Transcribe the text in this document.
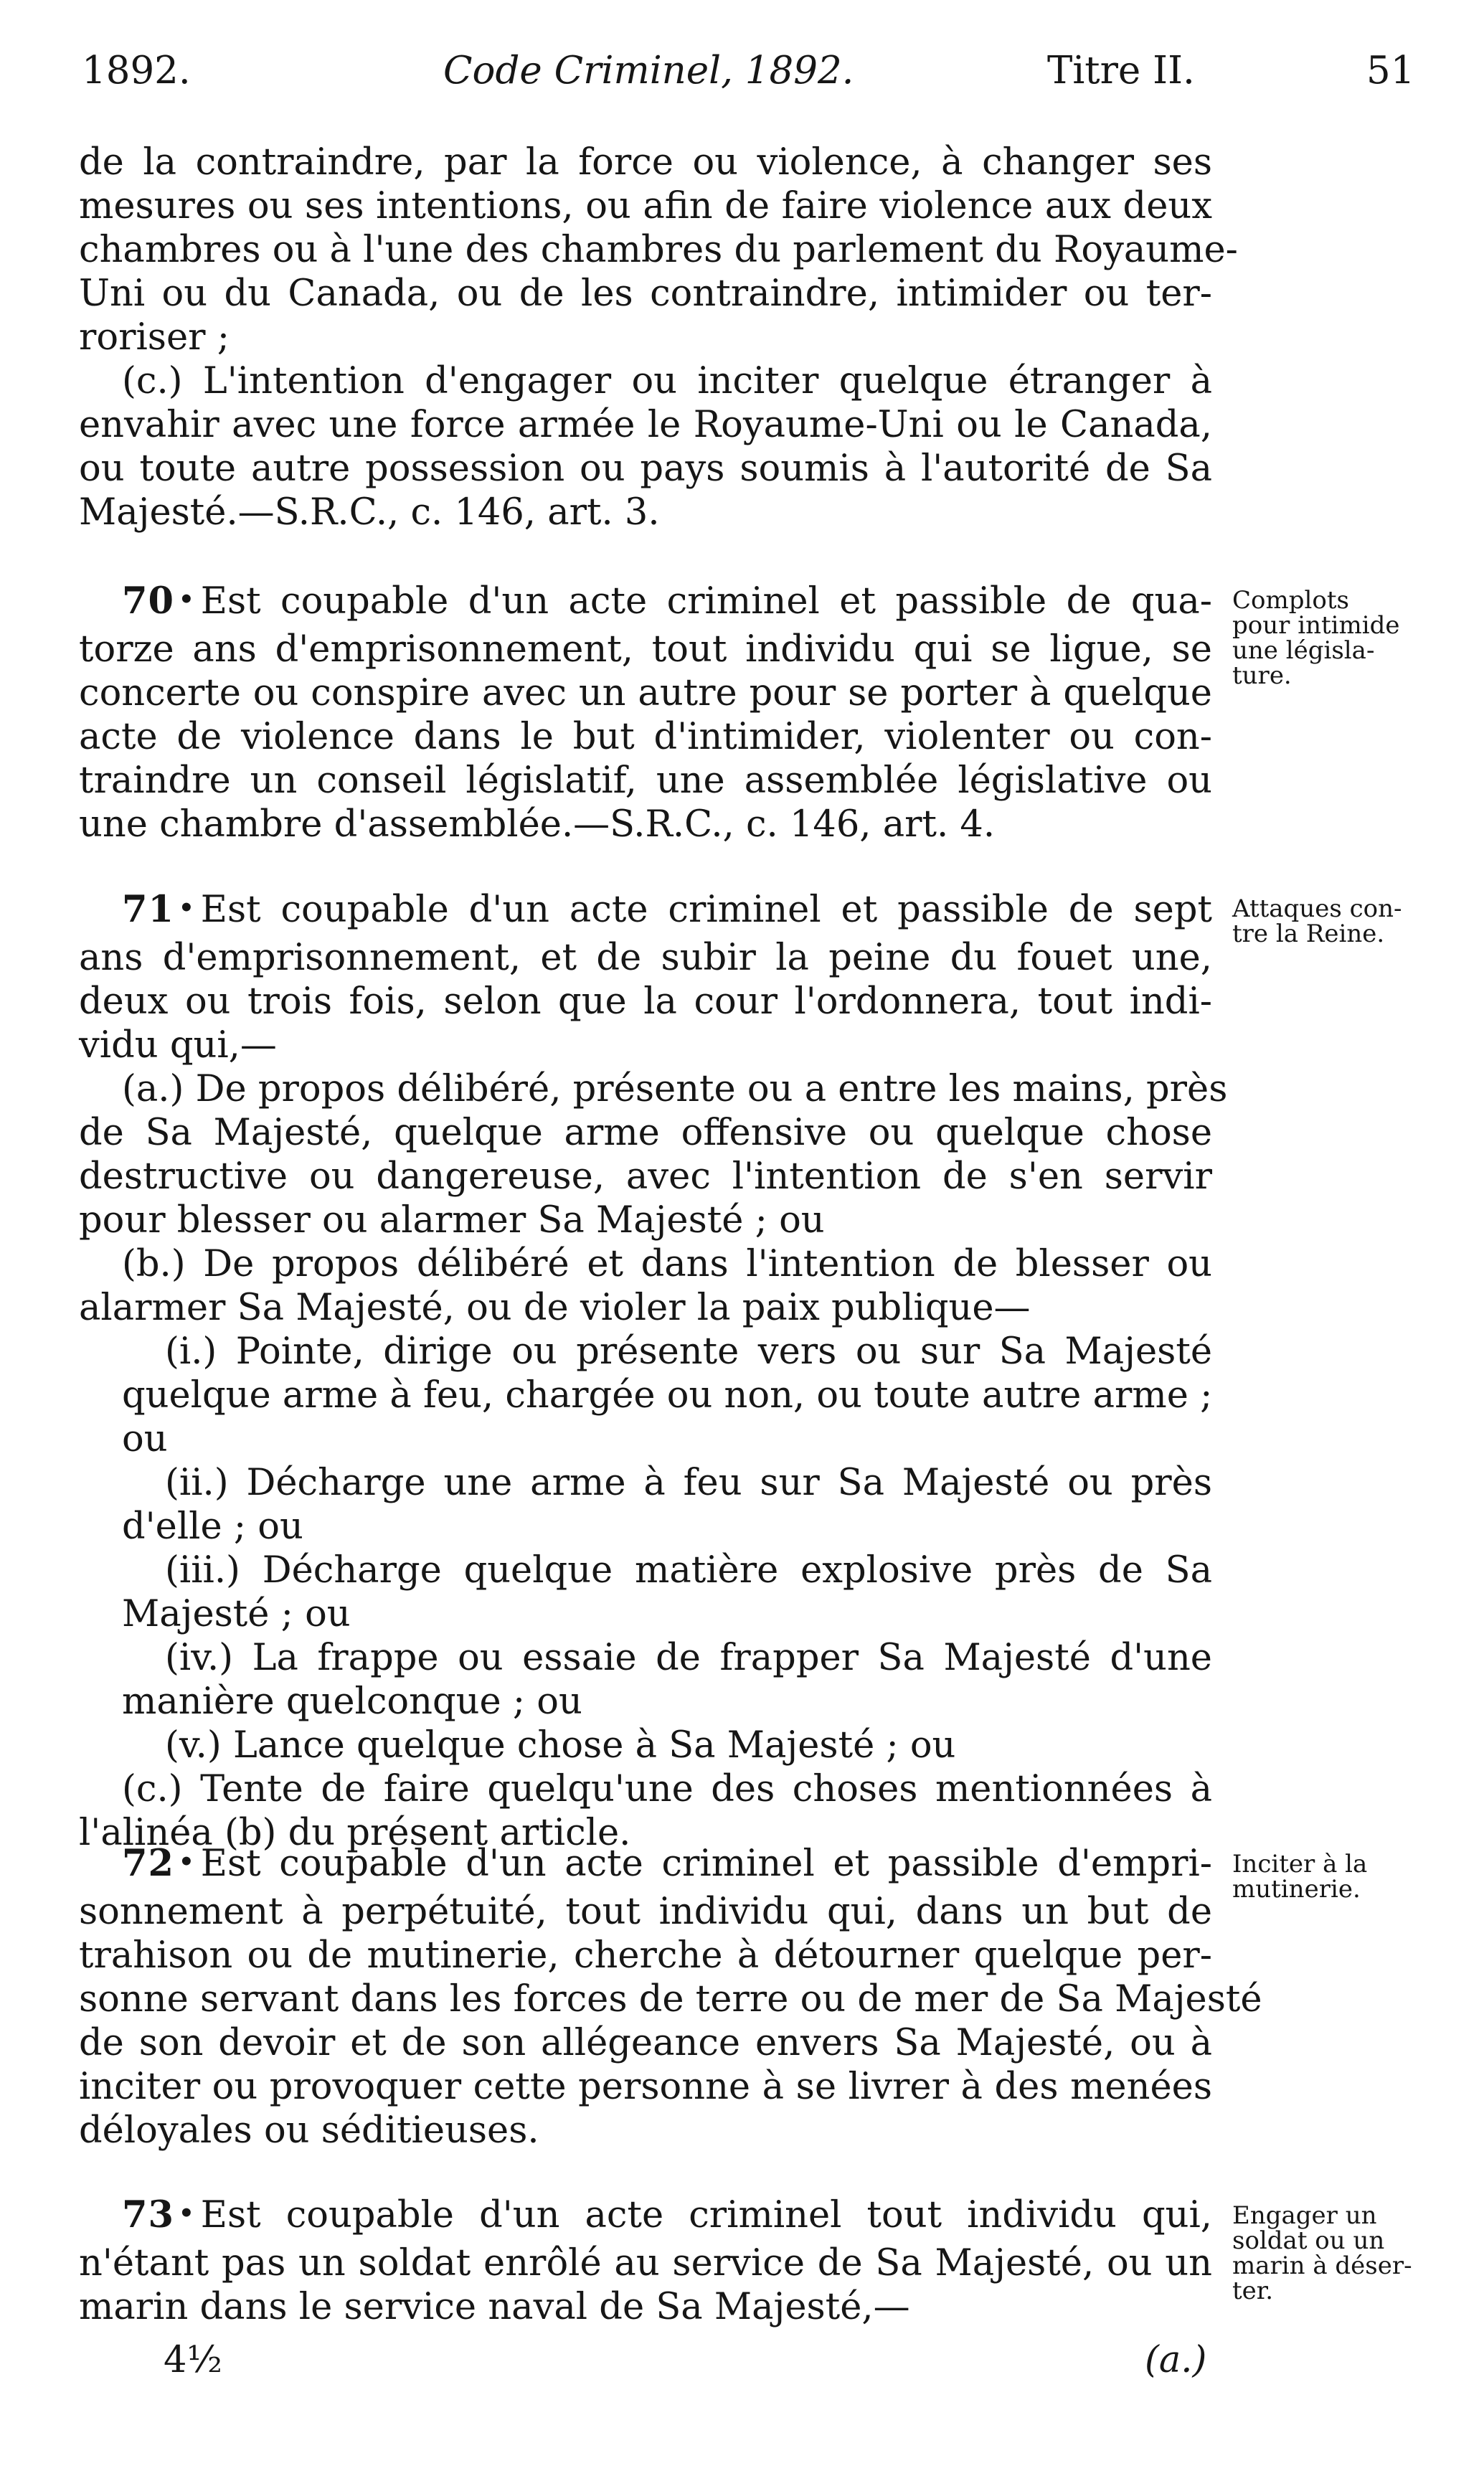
1892.	Code Criminel, 1892.	Titre II.	51
de la contraindre, par la force ou violence, à changer ses
mesures ou ses intentions, ou afin de faire violence aux deux
chambres ou à l'une des chambres du parlement du Royaume-
Uni ou du Canada, ou de les contraindre, intimider ou ter-
roriser ;
(c.) L'intention d'engager ou inciter quelque étranger à
envahir avec une force armée le Royaume-Uni ou le Canada,
ou toute autre possession ou pays soumis à l'autorité de Sa
Majesté.—S.R.C., c. 146, art. 3.
70 • Est coupable d'un acte criminel et passible de qua-
torze ans d'emprisonnement, tout individu qui se ligue, se
concerte ou conspire avec un autre pour se porter à quelque
acte de violence dans le but d'intimider, violenter ou con-
traindre un conseil législatif, une assemblée législative ou
une chambre d'assemblée.—S.R.C., c. 146, art. 4.
Complots
pour intimide
une législa-
ture.
71 • Est coupable d'un acte criminel et passible de sept
ans d'emprisonnement, et de subir la peine du fouet une,
deux ou trois fois, selon que la cour l'ordonnera, tout indi-
vidu qui,—
(a.) De propos délibéré, présente ou a entre les mains, près
de Sa Majesté, quelque arme offensive ou quelque chose
destructive ou dangereuse, avec l'intention de s'en servir
pour blesser ou alarmer Sa Majesté ; ou
(b.) De propos délibéré et dans l'intention de blesser ou
alarmer Sa Majesté, ou de violer la paix publique—
(i.) Pointe, dirige ou présente vers ou sur Sa Majesté
quelque arme à feu, chargée ou non, ou toute autre arme ;
ou
(ii.) Décharge une arme à feu sur Sa Majesté ou près
d'elle ; ou
(iii.) Décharge quelque matière explosive près de Sa
Majesté ; ou
(iv.) La frappe ou essaie de frapper Sa Majesté d'une
manière quelconque ; ou
(v.) Lance quelque chose à Sa Majesté ; ou
(c.) Tente de faire quelqu'une des choses mentionnées à
l'alinéa (b) du présent article.
Attaques con-
tre la Reine.
72 • Est coupable d'un acte criminel et passible d'empri-
sonnement à perpétuité, tout individu qui, dans un but de
trahison ou de mutinerie, cherche à détourner quelque per-
sonne servant dans les forces de terre ou de mer de Sa Majesté
de son devoir et de son allégeance envers Sa Majesté, ou à
inciter ou provoquer cette personne à se livrer à des menées
déloyales ou séditieuses.
Inciter à la
mutinerie.
73 • Est coupable d'un acte criminel tout individu qui,
n'étant pas un soldat enrôlé au service de Sa Majesté, ou un
marin dans le service naval de Sa Majesté,—
Engager un
soldat ou un
marin à déser-
ter.
4½	(a.)
